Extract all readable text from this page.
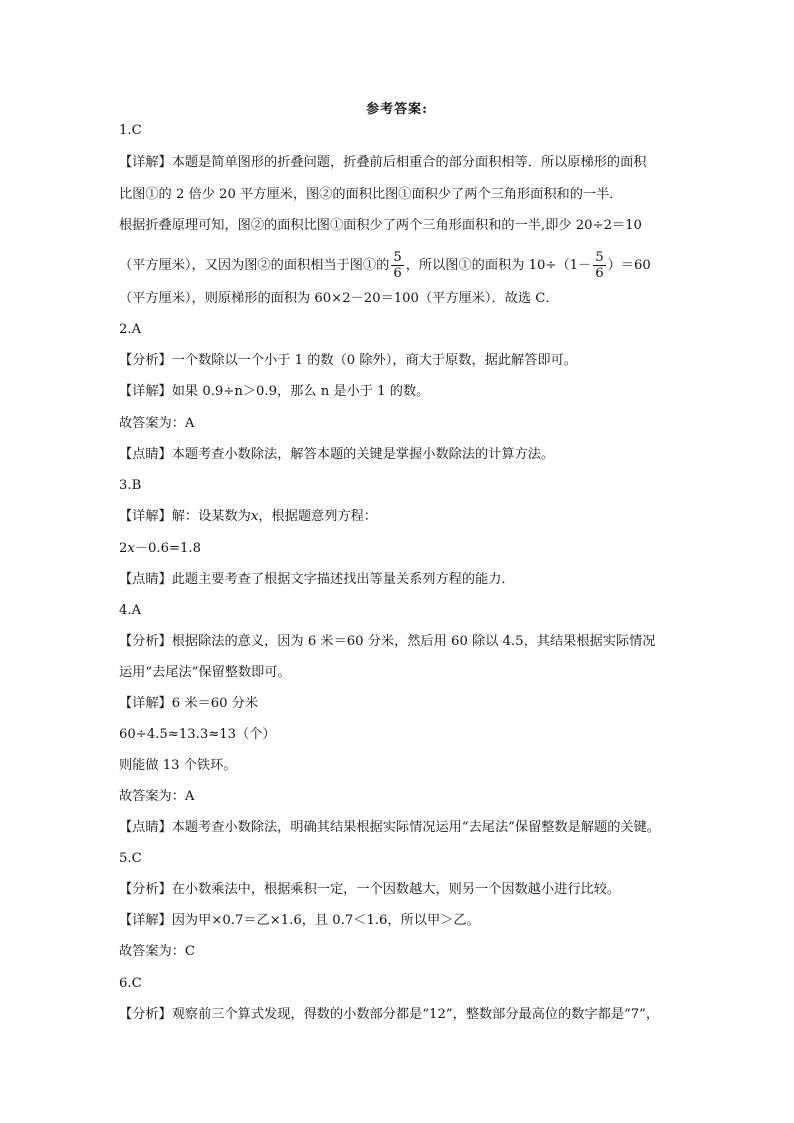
参考答案:
1.C
【详解】本题是简单图形的折叠问题，折叠前后相重合的部分面积相等．所以原梯形的面积
比图①的 2 倍少 20 平方厘米，图②的面积比图①面积少了两个三角形面积和的一半．
根据折叠原理可知，图②的面积比图①面积少了两个三角形面积和的一半,即少 20÷2＝10
（平方厘米），又因为图②的面积相当于图①的 $\frac{5}{6}$ ，所以图①的面积为 $10\div(1- \frac{5}{6} )=60$
（平方厘米），则原梯形的面积为 60×2－20＝100（平方厘米）．故选 C．
2.A
【分析】一个数除以一个小于 1 的数（0 除外），商大于原数，据此解答即可。
【详解】如果 0.9÷n＞0.9，那么 n 是小于 1 的数。
故答案为：A
【点睛】本题考查小数除法，解答本题的关键是掌握小数除法的计算方法。
3.B
【详解】解：设某数为x，根据题意列方程：
2x－0.6=1.8
【点睛】此题主要考查了根据文字描述找出等量关系列方程的能力．
4.A
【分析】根据除法的意义，因为 6 米＝60 分米，然后用 60 除以 4.5，其结果根据实际情况
运用“去尾法”保留整数即可。
【详解】6 米＝60 分米
60÷4.5≈13.3≈13（个）
则能做 13 个铁环。
故答案为：A
【点睛】本题考查小数除法，明确其结果根据实际情况运用“去尾法”保留整数是解题的关键。
5.C
【分析】在小数乘法中，根据乘积一定，一个因数越大，则另一个因数越小进行比较。
【详解】因为甲×0.7＝乙×1.6，且 0.7＜1.6，所以甲＞乙。
故答案为：C
6.C
【分析】观察前三个算式发现，得数的小数部分都是“12”，整数部分最高位的数字都是“7”，
